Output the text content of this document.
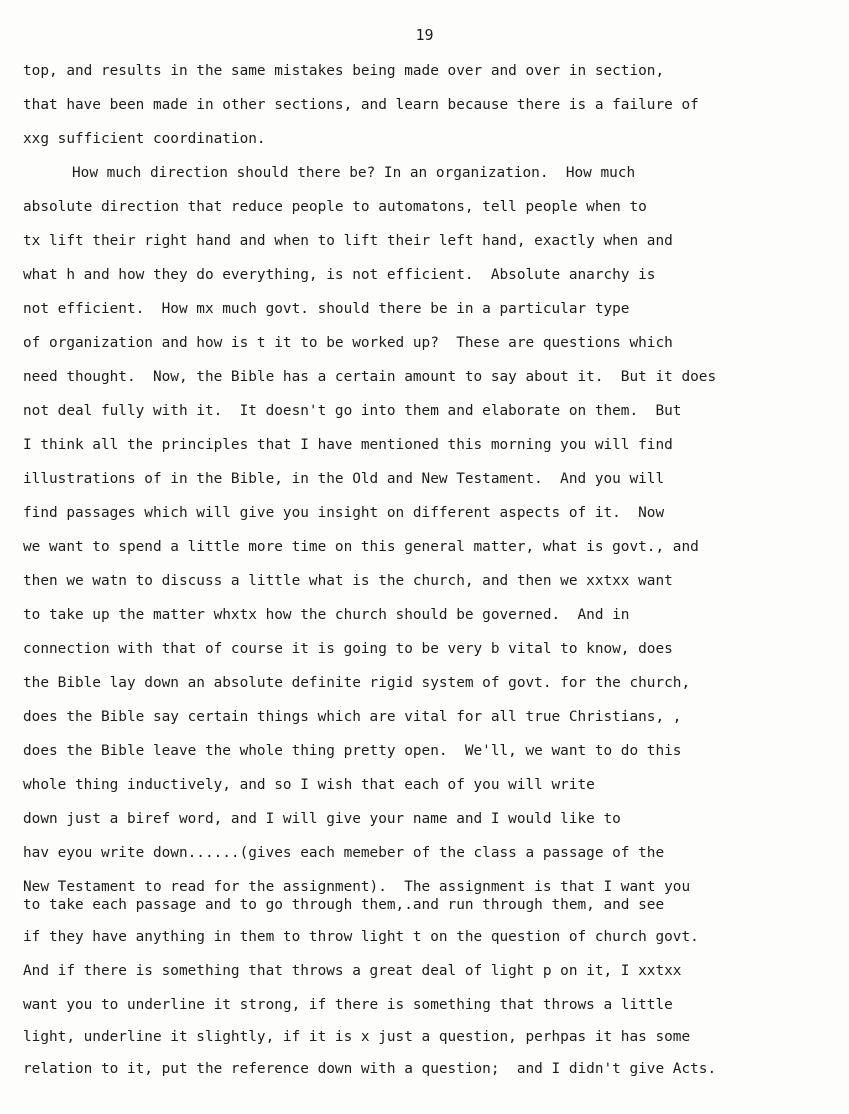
19
top, and results in the same mistakes being made over and over in section,
that have been made in other sections, and learn because there is a failure of
xxg sufficient coordination.
How much direction should there be? In an organization.  How much
absolute direction that reduce people to automatons, tell people when to
tx lift their right hand and when to lift their left hand, exactly when and
what h and how they do everything, is not efficient.  Absolute anarchy is
not efficient.  How mx much govt. should there be in a particular type
of organization and how is t it to be worked up?  These are questions which
need thought.  Now, the Bible has a certain amount to say about it.  But it does
not deal fully with it.  It doesn't go into them and elaborate on them.  But
I think all the principles that I have mentioned this morning you will find
illustrations of in the Bible, in the Old and New Testament.  And you will
find passages which will give you insight on different aspects of it.  Now
we want to spend a little more time on this general matter, what is govt., and
then we watn to discuss a little what is the church, and then we xxtxx want
to take up the matter whxtx how the church should be governed.  And in
connection with that of course it is going to be very b vital to know, does
the Bible lay down an absolute definite rigid system of govt. for the church,
does the Bible say certain things which are vital for all true Christians, ,
does the Bible leave the whole thing pretty open.  We'll, we want to do this
whole thing inductively, and so I wish that each of you will write
down just a biref word, and I will give your name and I would like to
hav eyou write down......(gives each memeber of the class a passage of the
New Testament to read for the assignment).  The assignment is that I want you
to take each passage and to go through them,.and run through them, and see
if they have anything in them to throw light t on the question of church govt.
And if there is something that throws a great deal of light p on it, I xxtxx
want you to underline it strong, if there is something that throws a little
light, underline it slightly, if it is x just a question, perhpas it has some
relation to it, put the reference down with a question;  and I didn't give Acts.
